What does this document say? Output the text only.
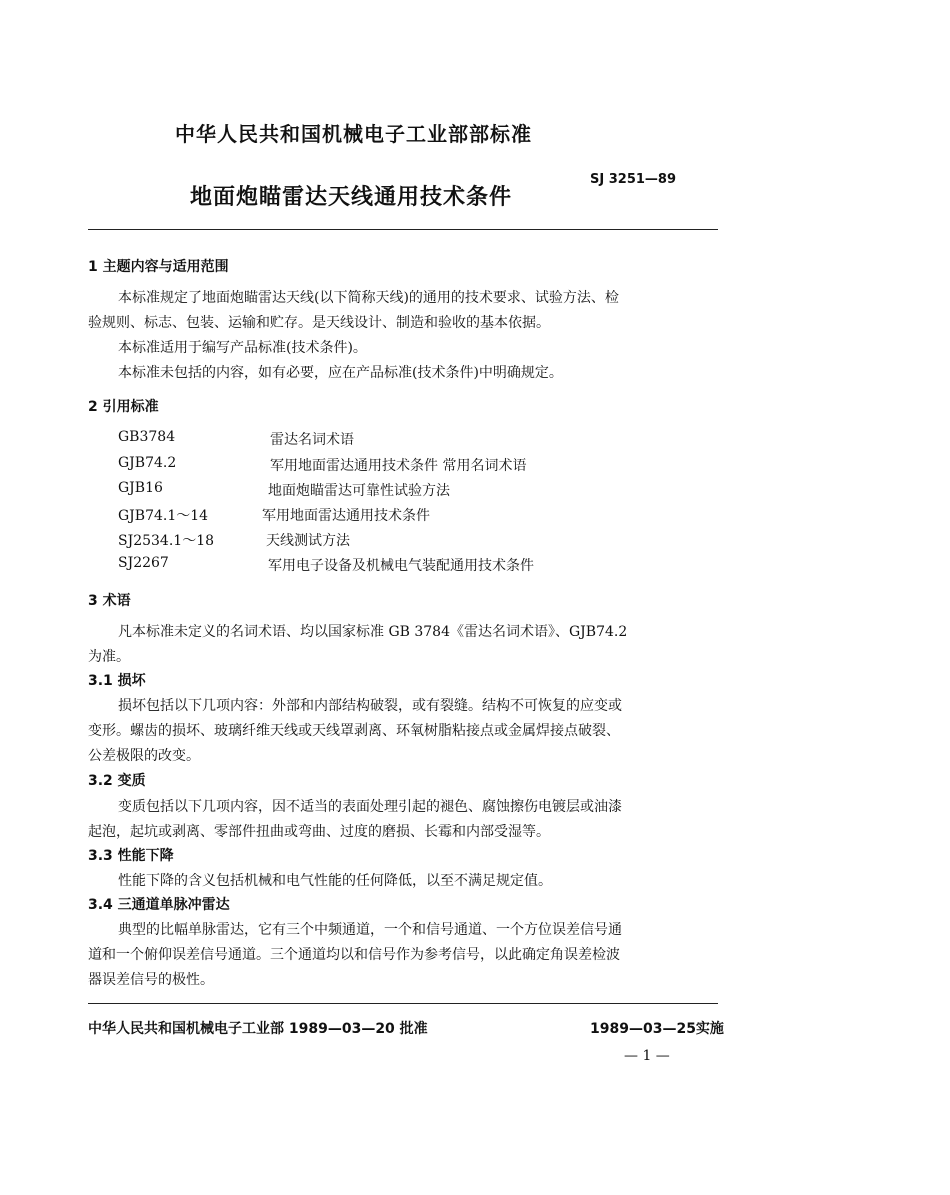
中华人民共和国机械电子工业部部标准
SJ 3251—89
地面炮瞄雷达天线通用技术条件
1 主题内容与适用范围
本标准规定了地面炮瞄雷达天线(以下简称天线)的通用的技术要求、试验方法、检
验规则、标志、包装、运输和贮存。是天线设计、制造和验收的基本依据。
本标准适用于编写产品标准(技术条件)。
本标准未包括的内容，如有必要，应在产品标准(技术条件)中明确规定。
2 引用标准
GB3784	雷达名词术语
GJB74.2	军用地面雷达通用技术条件 常用名词术语
GJB16	地面炮瞄雷达可靠性试验方法
GJB74.1～14	军用地面雷达通用技术条件
SJ2534.1～18	天线测试方法
SJ2267	军用电子设备及机械电气装配通用技术条件
3 术语
凡本标准未定义的名词术语、均以国家标准 GB 3784《雷达名词术语》、GJB74.2
为准。
3.1 损坏
损坏包括以下几项内容：外部和内部结构破裂，或有裂缝。结构不可恢复的应变或
变形。螺齿的损坏、玻璃纤维天线或天线罩剥离、环氧树脂粘接点或金属焊接点破裂、
公差极限的改变。
3.2 变质
变质包括以下几项内容，因不适当的表面处理引起的褪色、腐蚀擦伤电镀层或油漆
起泡，起坑或剥离、零部件扭曲或弯曲、过度的磨损、长霉和内部受湿等。
3.3 性能下降
性能下降的含义包括机械和电气性能的任何降低，以至不满足规定值。
3.4 三通道单脉冲雷达
典型的比幅单脉雷达，它有三个中频通道，一个和信号通道、一个方位误差信号通
道和一个俯仰误差信号通道。三个通道均以和信号作为参考信号，以此确定角误差检波
器误差信号的极性。
中华人民共和国机械电子工业部 1989—03—20 批准	1989—03—25实施
— 1 —
